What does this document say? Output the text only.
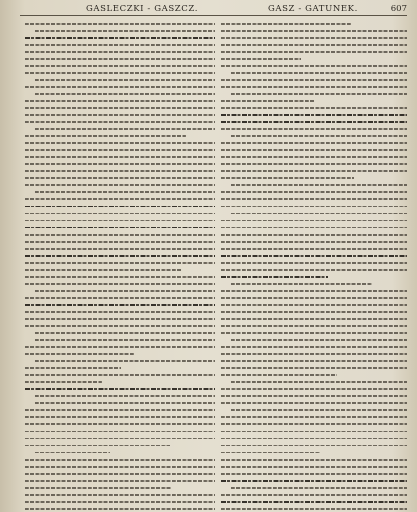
GASLECZKI - GASZCZ.	GASZ - GATUNEK.	607
